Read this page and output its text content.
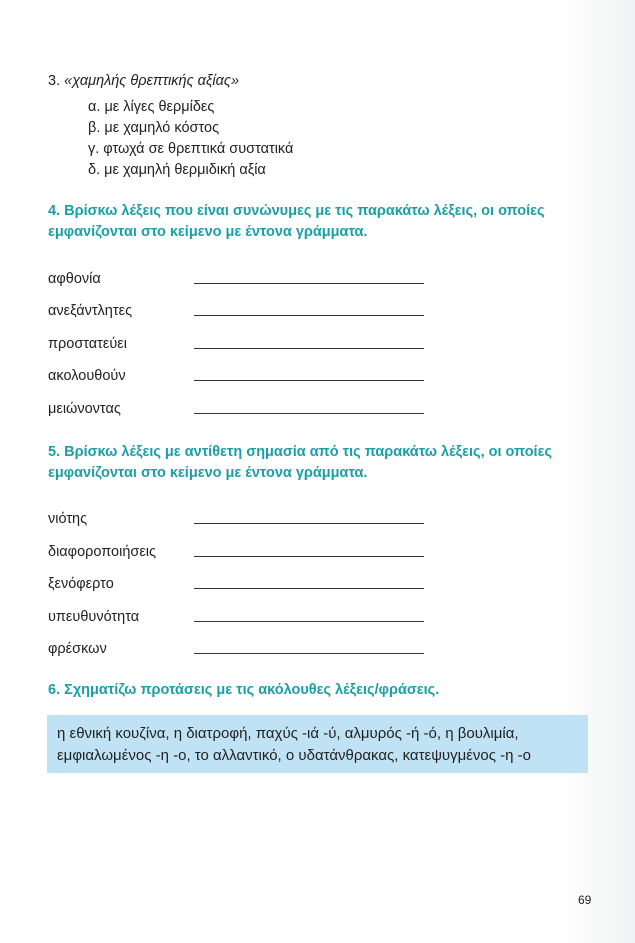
3. «χαμηλής θρεπτικής αξίας»
α. με λίγες θερμίδες
β. με χαμηλό κόστος
γ. φτωχά σε θρεπτικά συστατικά
δ. με χαμηλή θερμιδική αξία

4. Βρίσκω λέξεις που είναι συνώνυμες με τις παρακάτω λέξεις, οι οποίες εμφανίζονται στο κείμενο με έντονα γράμματα.

αφθονία
ανεξάντλητες
προστατεύει
ακολουθούν
μειώνοντας

5. Βρίσκω λέξεις με αντίθετη σημασία από τις παρακάτω λέξεις, οι οποίες εμφανίζονται στο κείμενο με έντονα γράμματα.

νιότης
διαφοροποιήσεις
ξενόφερτο
υπευθυνότητα
φρέσκων

6. Σχηματίζω προτάσεις με τις ακόλουθες λέξεις/φράσεις.

η εθνική κουζίνα, η διατροφή, παχύς -ιά -ύ, αλμυρός -ή -ό, η βουλιμία,
εμφιαλωμένος -η -ο, το αλλαντικό, ο υδατάνθρακας, κατεψυγμένος -η -ο
69
